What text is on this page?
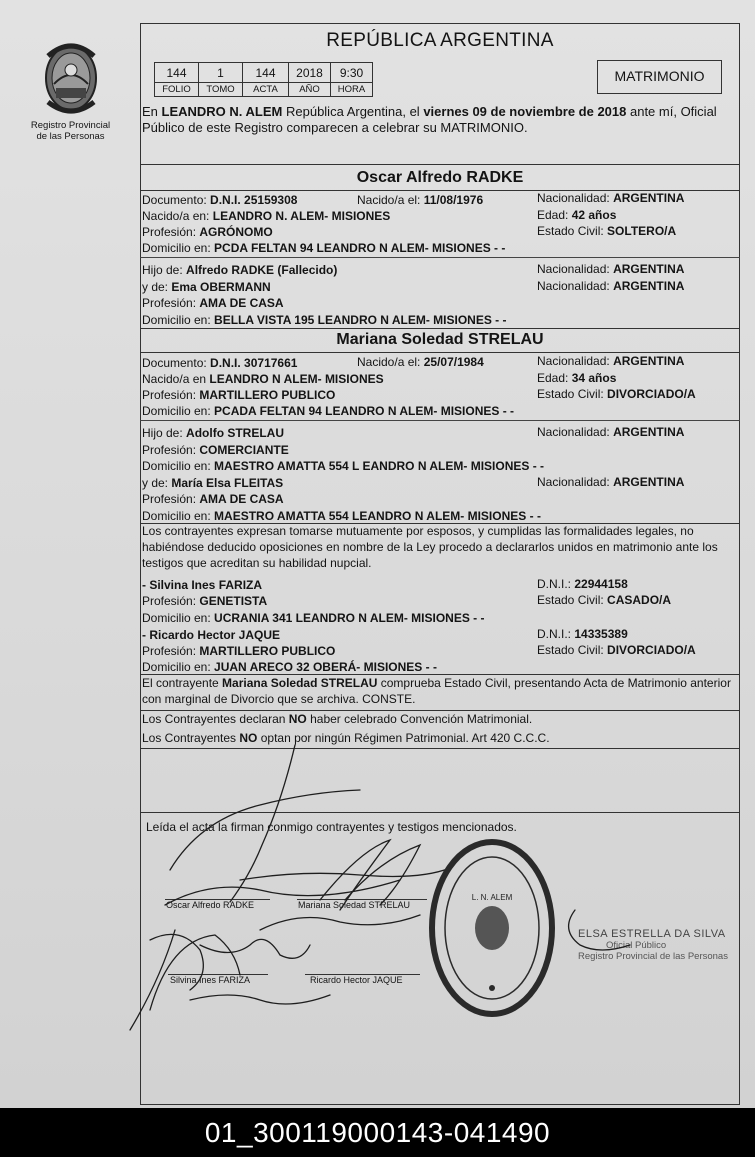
Registro Provincial
de las Personas
REPÚBLICA ARGENTINA
144	1	144	2018	9:30
FOLIO	TOMO	ACTA	AÑO	HORA
MATRIMONIO
En LEANDRO N. ALEM República Argentina, el viernes 09 de noviembre de 2018 ante mí, Oficial Público de este Registro comparecen a celebrar su MATRIMONIO.
Oscar Alfredo RADKE
Documento: D.N.I. 25159308	Nacido/a el: 11/08/1976	Nacionalidad: ARGENTINA
Nacido/a en: LEANDRO N. ALEM- MISIONES	Edad: 42 años
Profesión: AGRÓNOMO	Estado Civil: SOLTERO/A
Domicilio en: PCDA FELTAN 94 LEANDRO N ALEM- MISIONES - -
Hijo de: Alfredo RADKE (Fallecido)	Nacionalidad: ARGENTINA
y de: Ema OBERMANN	Nacionalidad: ARGENTINA
Profesión: AMA DE CASA
Domicilio en: BELLA VISTA 195 LEANDRO N ALEM- MISIONES - -
Mariana Soledad STRELAU
Documento: D.N.I. 30717661	Nacido/a el: 25/07/1984	Nacionalidad: ARGENTINA
Nacido/a en LEANDRO N ALEM- MISIONES	Edad: 34 años
Profesión: MARTILLERO PUBLICO	Estado Civil: DIVORCIADO/A
Domicilio en: PCADA FELTAN 94 LEANDRO N ALEM- MISIONES - -
Hijo de: Adolfo STRELAU	Nacionalidad: ARGENTINA
Profesión: COMERCIANTE
Domicilio en: MAESTRO AMATTA 554 L EANDRO N ALEM- MISIONES - -
y de: María Elsa FLEITAS	Nacionalidad: ARGENTINA
Profesión: AMA DE CASA
Domicilio en: MAESTRO AMATTA 554 LEANDRO N ALEM- MISIONES - -
Los contrayentes expresan tomarse mutuamente por esposos, y cumplidas las formalidades legales, no habiéndose deducido oposiciones en nombre de la Ley procedo a declararlos unidos en matrimonio ante los testigos que acreditan su habilidad nupcial.
- Silvina Ines FARIZA	D.N.I.: 22944158
Profesión: GENETISTA	Estado Civil: CASADO/A
Domicilio en: UCRANIA 341 LEANDRO N ALEM- MISIONES - -
- Ricardo Hector JAQUE	D.N.I.: 14335389
Profesión: MARTILLERO PUBLICO	Estado Civil: DIVORCIADO/A
Domicilio en: JUAN ARECO 32 OBERÁ- MISIONES - -
El contrayente Mariana Soledad STRELAU comprueba Estado Civil, presentando Acta de Matrimonio anterior con marginal de Divorcio que se archiva. CONSTE.
Los Contrayentes declaran NO haber celebrado Convención Matrimonial.
Los Contrayentes NO optan por ningún Régimen Patrimonial. Art 420 C.C.C.
Leída el acta la firman conmigo contrayentes y testigos mencionados.
Oscar Alfredo RADKE	Mariana Soledad STRELAU
Silvina Ines FARIZA	Ricardo Hector JAQUE
ELSA ESTRELLA DA SILVA
Oficial Público
Registro Provincial de las Personas
L. N. ALEM
01_300119000143-041490
